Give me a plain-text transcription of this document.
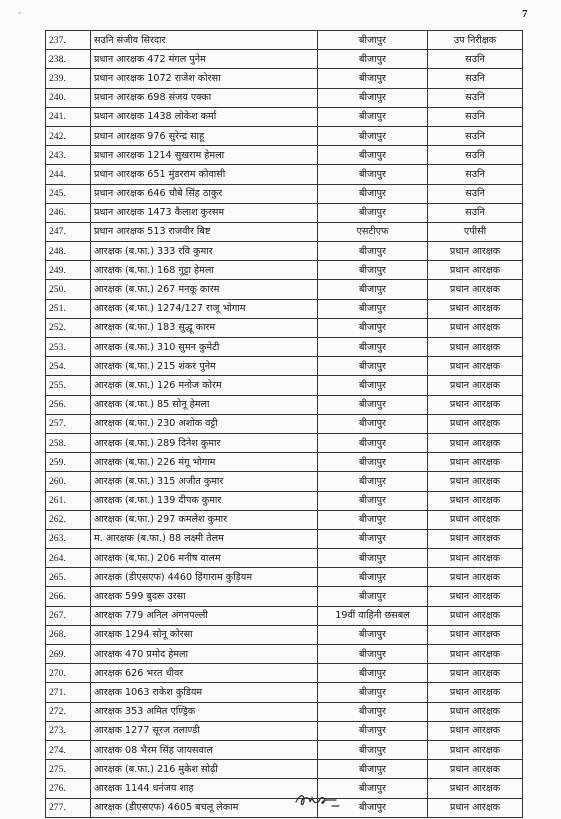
-	7
237.	सउनि संजीव सिरदार	बीजापुर	उप निरीक्षक
238.	प्रधान आरक्षक 472 मंगल पुनेम	बीजापुर	सउनि
239.	प्रधान आरक्षक 1072 राजेश कोरसा	बीजापुर	सउनि
240.	प्रधान आरक्षक 698 संजय एक्का	बीजापुर	सउनि
241.	प्रधान आरक्षक 1438 लोकेश कर्मा	बीजापुर	सउनि
242.	प्रधान आरक्षक 976 सुरेन्द्र साहू	बीजापुर	सउनि
243.	प्रधान आरक्षक 1214 सुखराम हेमला	बीजापुर	सउनि
244.	प्रधान आरक्षक 651 मुंडरराम कोवासी	बीजापुर	सउनि
245.	प्रधान आरक्षक 646 चौबे सिंह ठाकुर	बीजापुर	सउनि
246.	प्रधान आरक्षक 1473 कैलाश कुरसम	बीजापुर	सउनि
247.	प्रधान आरक्षक 513 राजवीर बिष्ट	एसटीएफ	एपीसी
248.	आरक्षक (ब.फा.) 333 रवि कुमार	बीजापुर	प्रधान आरक्षक
249.	आरक्षक (ब.फा.) 168 गुट्टा हेमला	बीजापुर	प्रधान आरक्षक
250.	आरक्षक (ब.फा.) 267 मनकू कारम	बीजापुर	प्रधान आरक्षक
251.	आरक्षक (ब.फा.) 1274/127 राजू भोगाम	बीजापुर	प्रधान आरक्षक
252.	आरक्षक (ब.फा.) 183 सुद्धू कारम	बीजापुर	प्रधान आरक्षक
253.	आरक्षक (ब.फा.) 310 सुमन कुमेटी	बीजापुर	प्रधान आरक्षक
254.	आरक्षक (ब.फा.) 215 शंकर पुनेम	बीजापुर	प्रधान आरक्षक
255.	आरक्षक (ब.फा.) 126 मनोज कोरम	बीजापुर	प्रधान आरक्षक
256.	आरक्षक (ब.फा.) 85 सोनू हेमला	बीजापुर	प्रधान आरक्षक
257.	आरक्षक (ब.फा.) 230 अशोक वट्टी	बीजापुर	प्रधान आरक्षक
258.	आरक्षक (ब.फा.) 289 दिनेश कुमार	बीजापुर	प्रधान आरक्षक
259.	आरक्षक (ब.फा.) 226 मंगू भोगाम	बीजापुर	प्रधान आरक्षक
260.	आरक्षक (ब.फा.) 315 अजीत कुमार	बीजापुर	प्रधान आरक्षक
261.	आरक्षक (ब.फा.) 139 दीपक कुमार	बीजापुर	प्रधान आरक्षक
262.	आरक्षक (ब.फा.) 297 कमलेश कुमार	बीजापुर	प्रधान आरक्षक
263.	म. आरक्षक (ब.फा.) 88 लक्ष्मी तेलम	बीजापुर	प्रधान आरक्षक
264.	आरक्षक (ब.फा.) 206 मनीष वालम	बीजापुर	प्रधान आरक्षक
265.	आरक्षक (डीएसएफ) 4460 हिंगाराम कुड़ियम	बीजापुर	प्रधान आरक्षक
266.	आरक्षक 599 बुदरू उरसा	बीजापुर	प्रधान आरक्षक
267.	आरक्षक 779 अनिल अंगनपल्ली	19वीं वाहिनी छसबल	प्रधान आरक्षक
268.	आरक्षक 1294 सोनू कोरसा	बीजापुर	प्रधान आरक्षक
269.	आरक्षक 470 प्रमोद हेमला	बीजापुर	प्रधान आरक्षक
270.	आरक्षक 626 भरत धीवर	बीजापुर	प्रधान आरक्षक
271.	आरक्षक 1063 राकेश कुडियम	बीजापुर	प्रधान आरक्षक
272.	आरक्षक 353 अमित एण्ड्रिक	बीजापुर	प्रधान आरक्षक
273.	आरक्षक 1277 सूरज तलाण्डी	बीजापुर	प्रधान आरक्षक
274.	आरक्षक 08 भैरम सिंह जायसवाल	बीजापुर	प्रधान आरक्षक
275.	आरक्षक (ब.फा.) 216 मुकेश सोढ़ी	बीजापुर	प्रधान आरक्षक
276.	आरक्षक 1144 धनंजय शाह	बीजापुर	प्रधान आरक्षक
277.	आरक्षक (डीएसएफ) 4605 बचलू लेकाम	बीजापुर	प्रधान आरक्षक
